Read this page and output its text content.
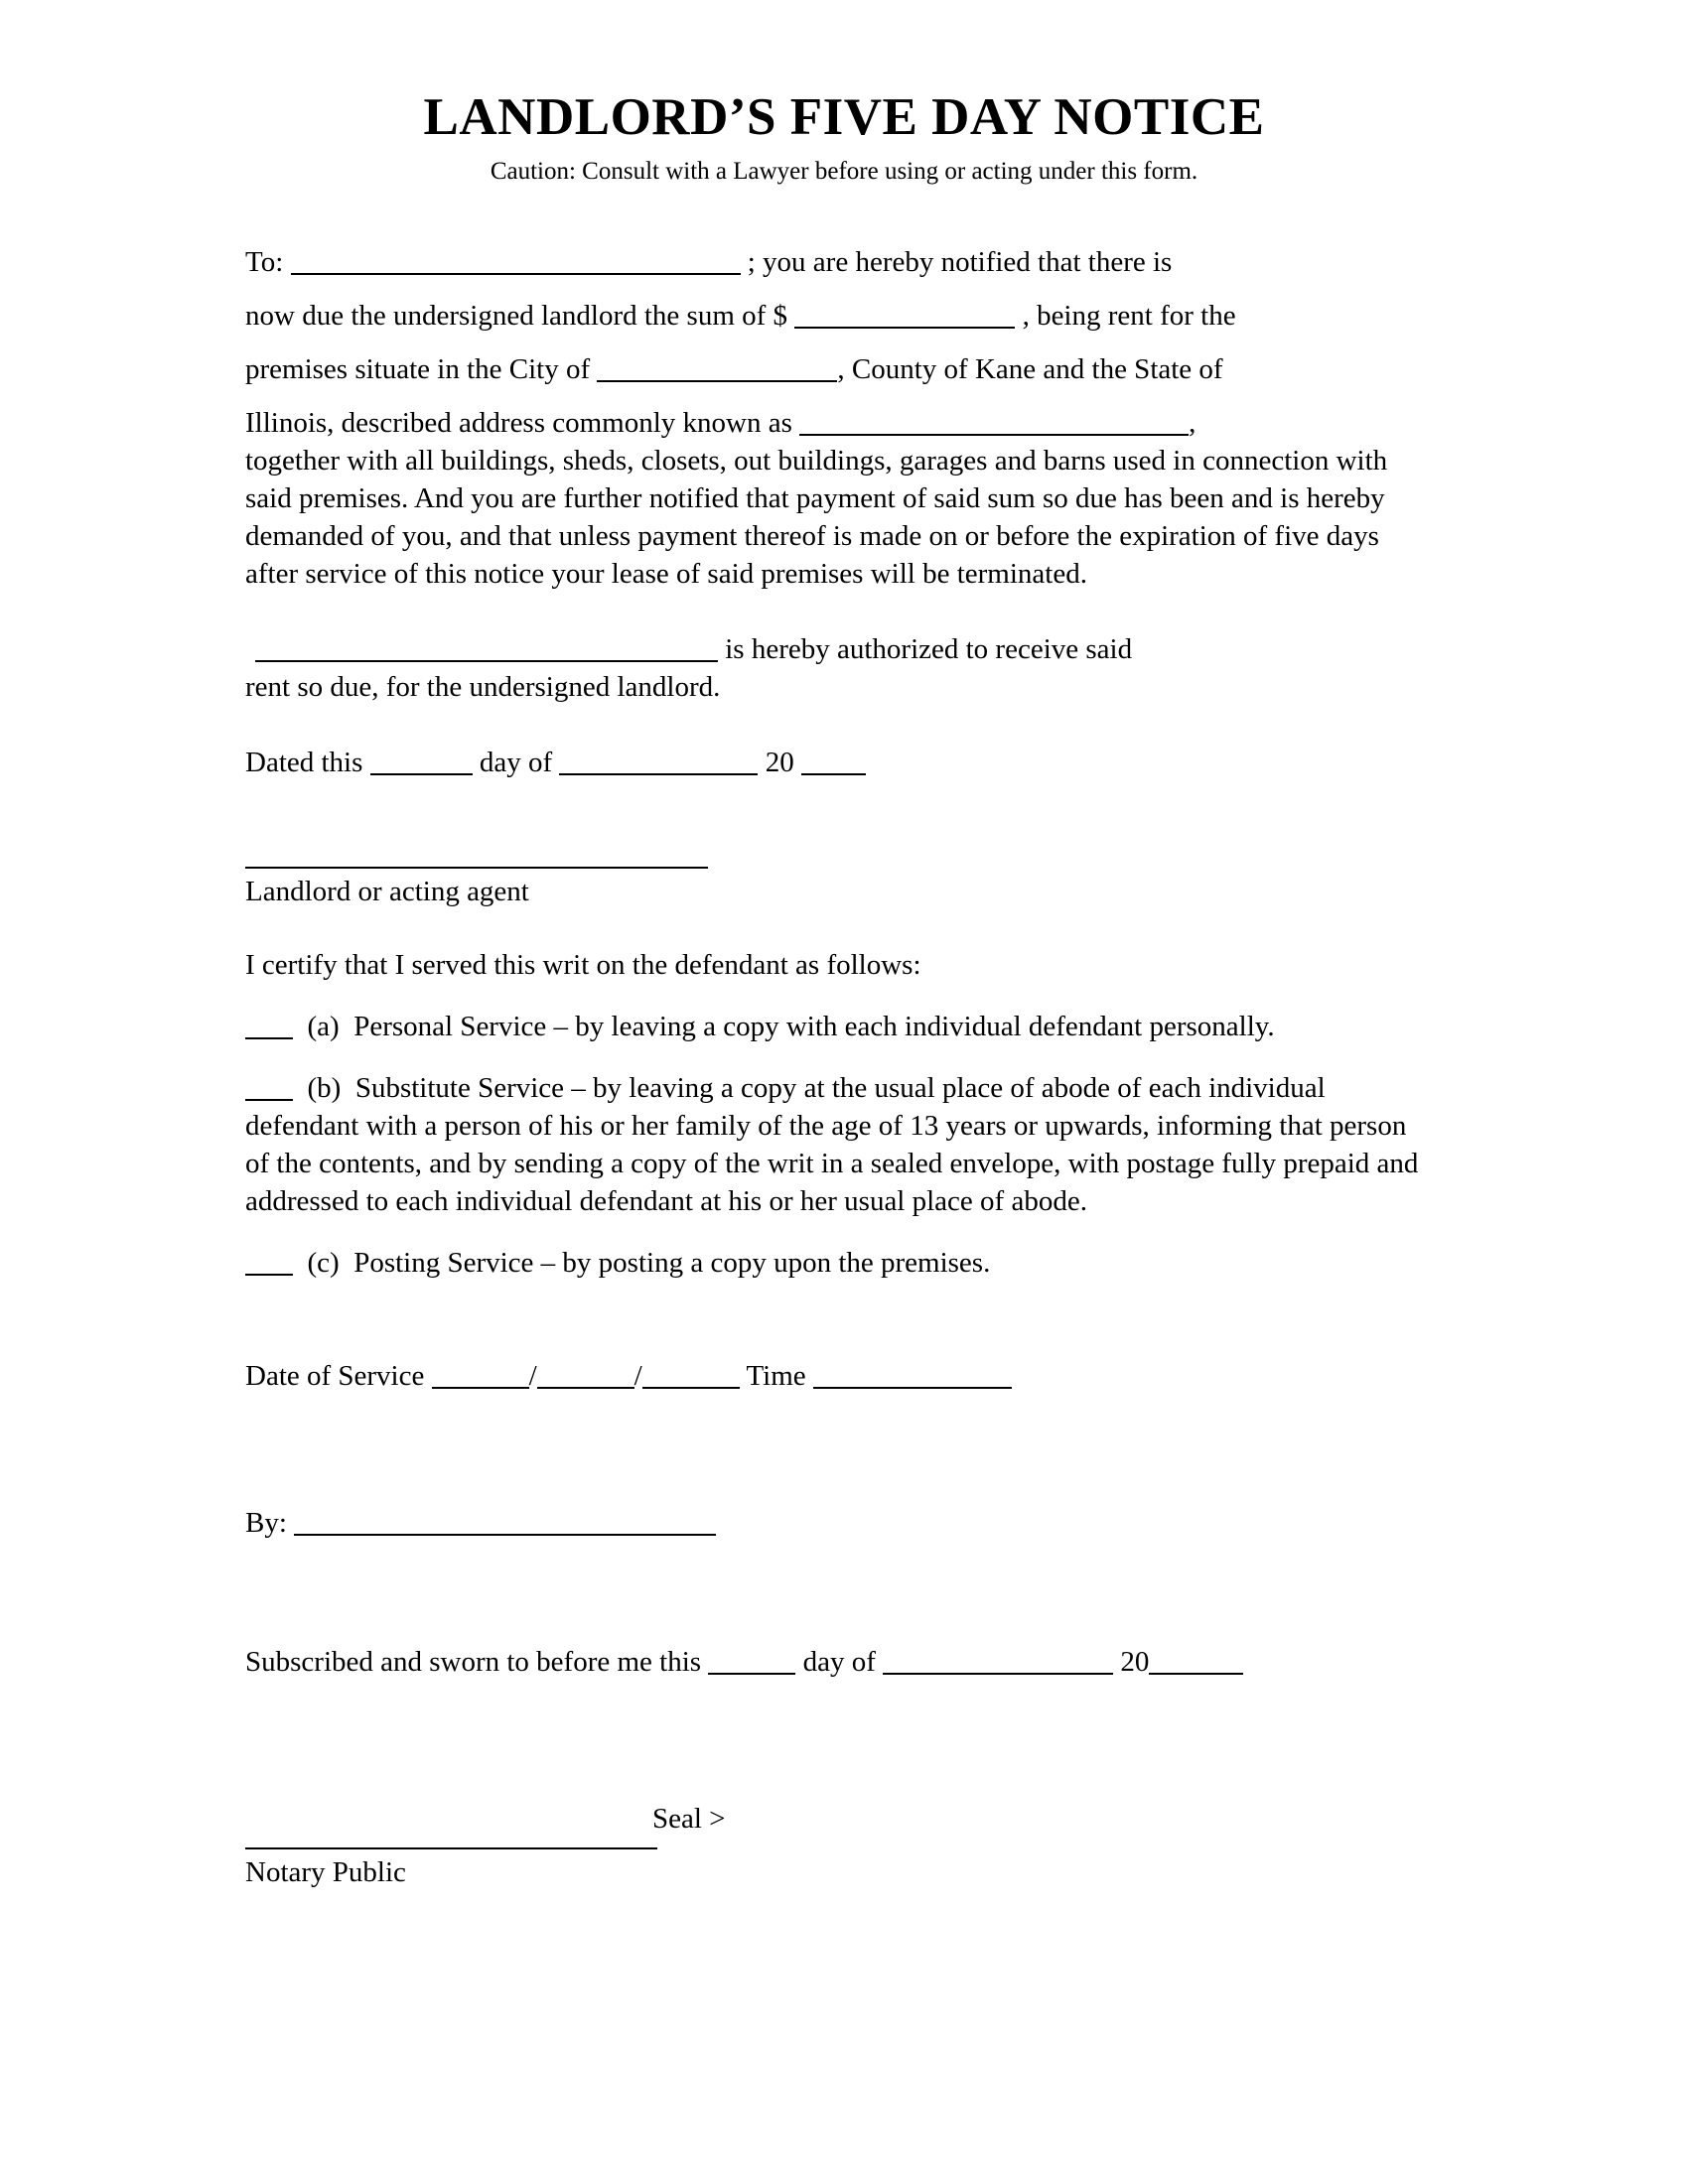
LANDLORD’S FIVE DAY NOTICE
Caution: Consult with a Lawyer before using or acting under this form.
To:	; you are hereby notified that there is
now due the undersigned landlord the sum of $	, being rent for the
premises situate in the City of	, County of Kane and the State of
Illinois, described address commonly known as	,
together with all buildings, sheds, closets, out buildings, garages and barns used in connection with said premises. And you are further notified that payment of said sum so due has been and is hereby demanded of you, and that unless payment thereof is made on or before the expiration of five days after service of this notice your lease of said premises will be terminated.
is hereby authorized to receive said
rent so due, for the undersigned landlord.
Dated this	day of	20
Landlord or acting agent
I certify that I served this writ on the defendant as follows:
(a) Personal Service – by leaving a copy with each individual defendant personally.
(b) Substitute Service – by leaving a copy at the usual place of abode of each individual defendant with a person of his or her family of the age of 13 years or upwards, informing that person of the contents, and by sending a copy of the writ in a sealed envelope, with postage fully prepaid and addressed to each individual defendant at his or her usual place of abode.
(c) Posting Service – by posting a copy upon the premises.
Date of Service	/	/	Time
By:
Subscribed and sworn to before me this	day of	20
Seal >
Notary Public
